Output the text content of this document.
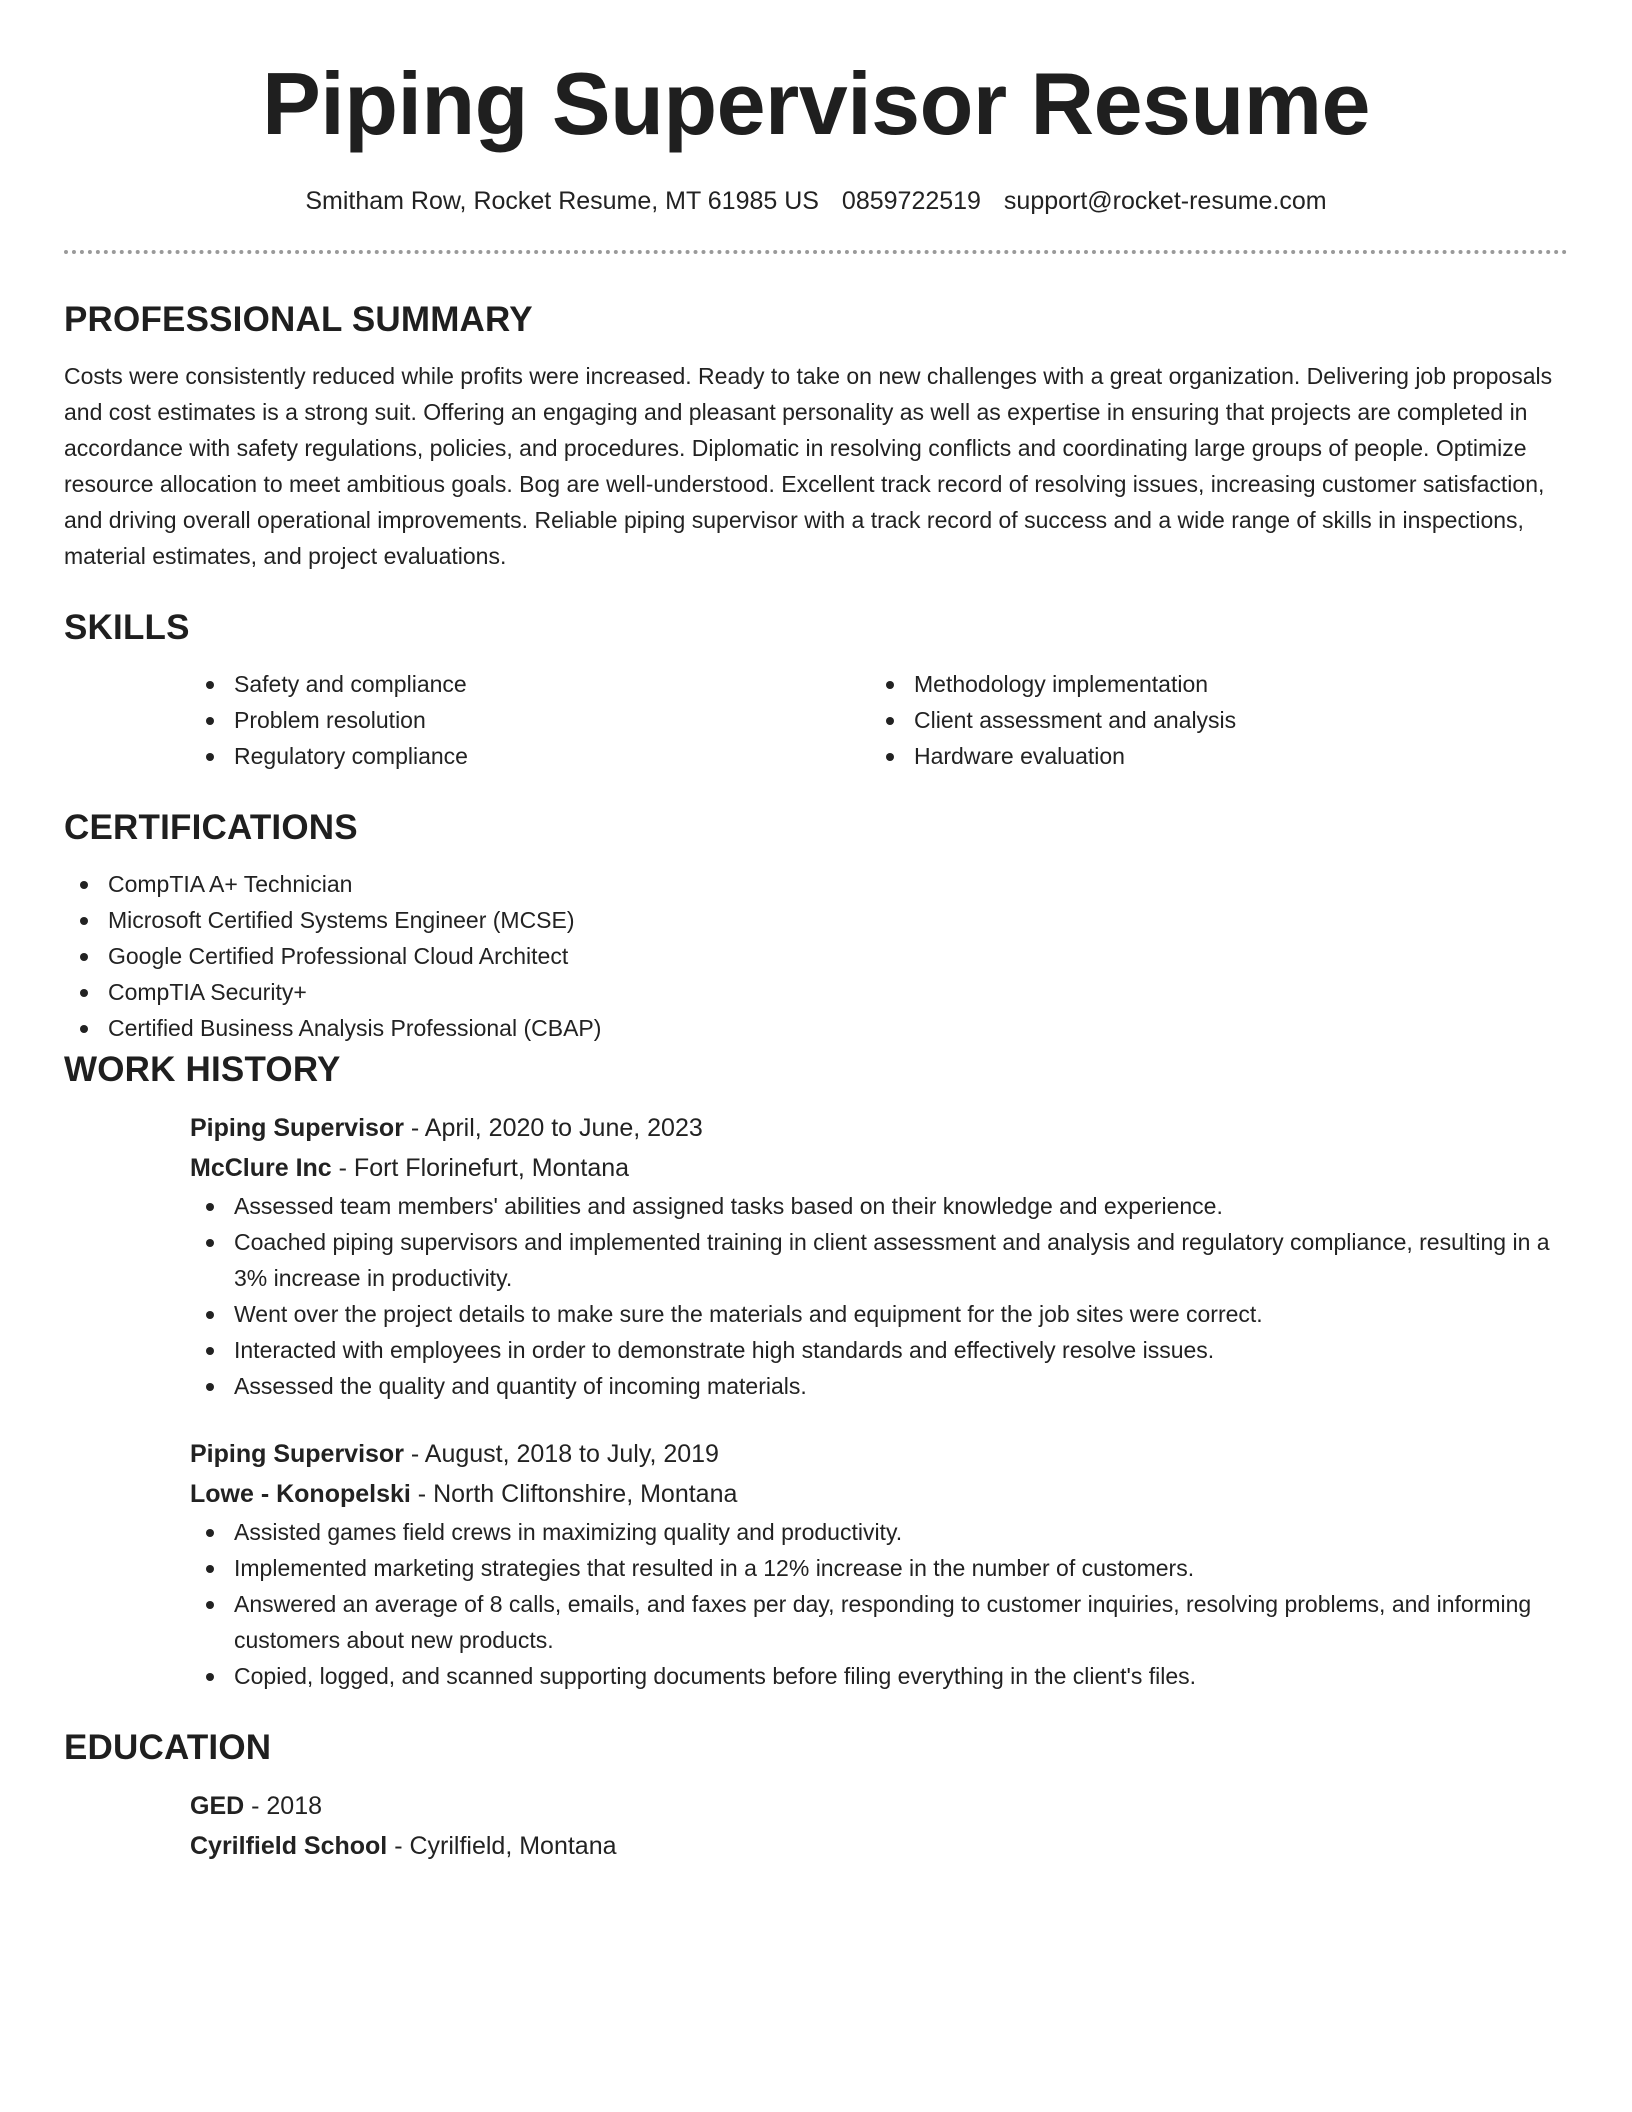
Piping Supervisor Resume
Smitham Row, Rocket Resume, MT 61985 US 0859722519 support@rocket-resume.com
PROFESSIONAL SUMMARY

Costs were consistently reduced while profits were increased. Ready to take on new challenges with a great organization. Delivering job proposals and cost estimates is a strong suit. Offering an engaging and pleasant personality as well as expertise in ensuring that projects are completed in accordance with safety regulations, policies, and procedures. Diplomatic in resolving conflicts and coordinating large groups of people. Optimize resource allocation to meet ambitious goals. Bog are well-understood. Excellent track record of resolving issues, increasing customer satisfaction, and driving overall operational improvements. Reliable piping supervisor with a track record of success and a wide range of skills in inspections, material estimates, and project evaluations.

SKILLS
Safety and compliance
Problem resolution
Regulatory compliance
Methodology implementation
Client assessment and analysis
Hardware evaluation
CERTIFICATIONS
CompTIA A+ Technician
Microsoft Certified Systems Engineer (MCSE)
Google Certified Professional Cloud Architect
CompTIA Security+
Certified Business Analysis Professional (CBAP)
WORK HISTORY
Piping Supervisor - April, 2020 to June, 2023
McClure Inc - Fort Florinefurt, Montana
Assessed team members' abilities and assigned tasks based on their knowledge and experience.
Coached piping supervisors and implemented training in client assessment and analysis and regulatory compliance, resulting in a 3% increase in productivity.
Went over the project details to make sure the materials and equipment for the job sites were correct.
Interacted with employees in order to demonstrate high standards and effectively resolve issues.
Assessed the quality and quantity of incoming materials.
Piping Supervisor - August, 2018 to July, 2019
Lowe - Konopelski - North Cliftonshire, Montana
Assisted games field crews in maximizing quality and productivity.
Implemented marketing strategies that resulted in a 12% increase in the number of customers.
Answered an average of 8 calls, emails, and faxes per day, responding to customer inquiries, resolving problems, and informing customers about new products.
Copied, logged, and scanned supporting documents before filing everything in the client's files.
EDUCATION
GED - 2018
Cyrilfield School - Cyrilfield, Montana
